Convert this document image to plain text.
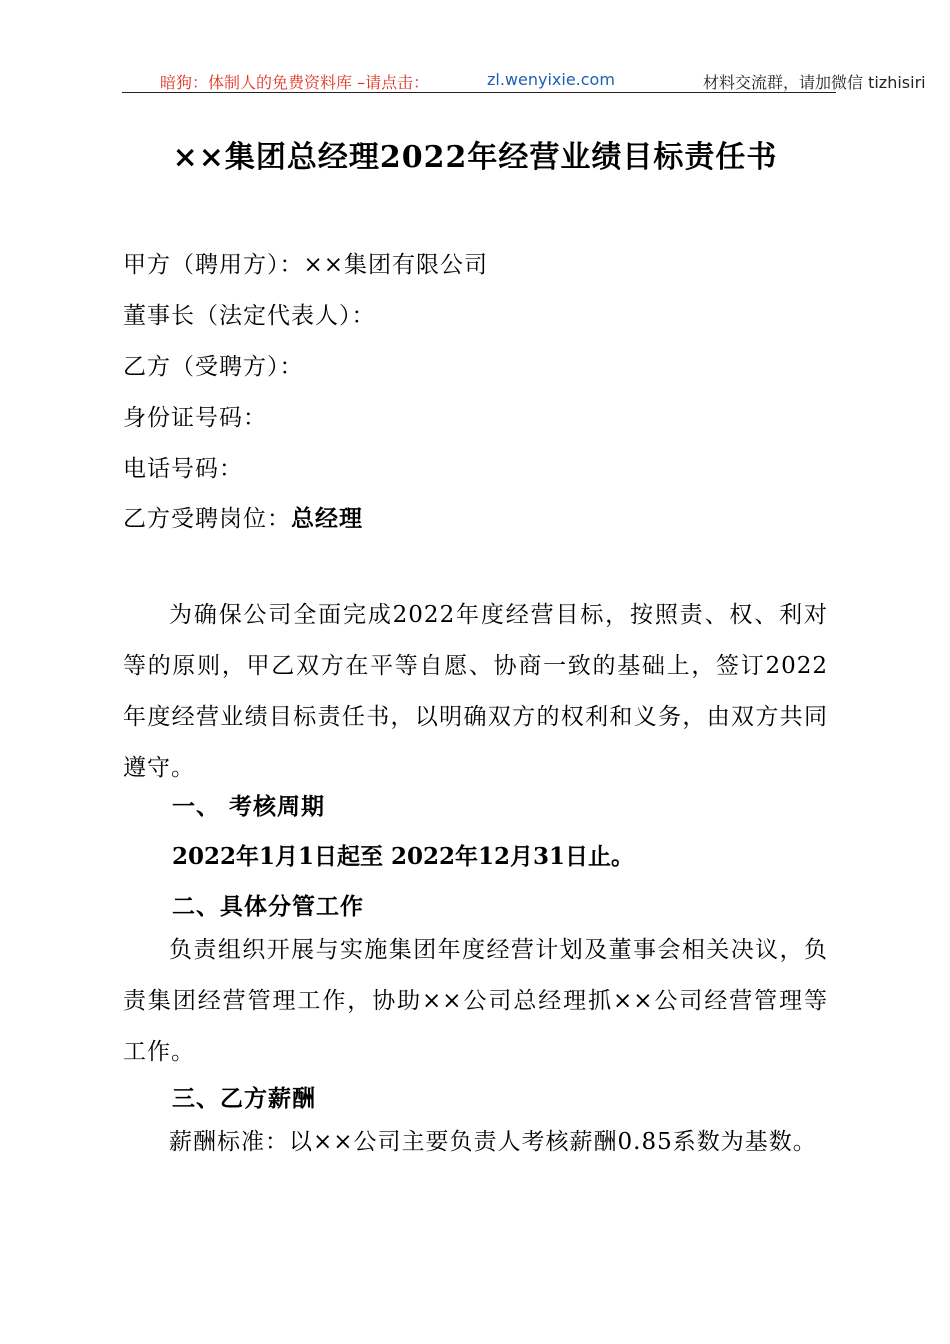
暗狗：体制人的免费资料库 –请点击：	zl.wenyixie.com	材料交流群，请加微信 tizhisiri
××集团总经理2022年经营业绩目标责任书
甲方（聘用方）：××集团有限公司
董事长（法定代表人）：
乙方（受聘方）：
身份证号码：
电话号码：
乙方受聘岗位：总经理
为确保公司全面完成2022年度经营目标，按照责、权、利对等的原则，甲乙双方在平等自愿、协商一致的基础上，签订2022年度经营业绩目标责任书，以明确双方的权利和义务，由双方共同遵守。
一、 考核周期
2022年1月1日起至 2022年12月31日止。
二、具体分管工作
负责组织开展与实施集团年度经营计划及董事会相关决议，负责集团经营管理工作，协助××公司总经理抓××公司经营管理等工作。
三、乙方薪酬
薪酬标准：以××公司主要负责人考核薪酬0.85系数为基数。
